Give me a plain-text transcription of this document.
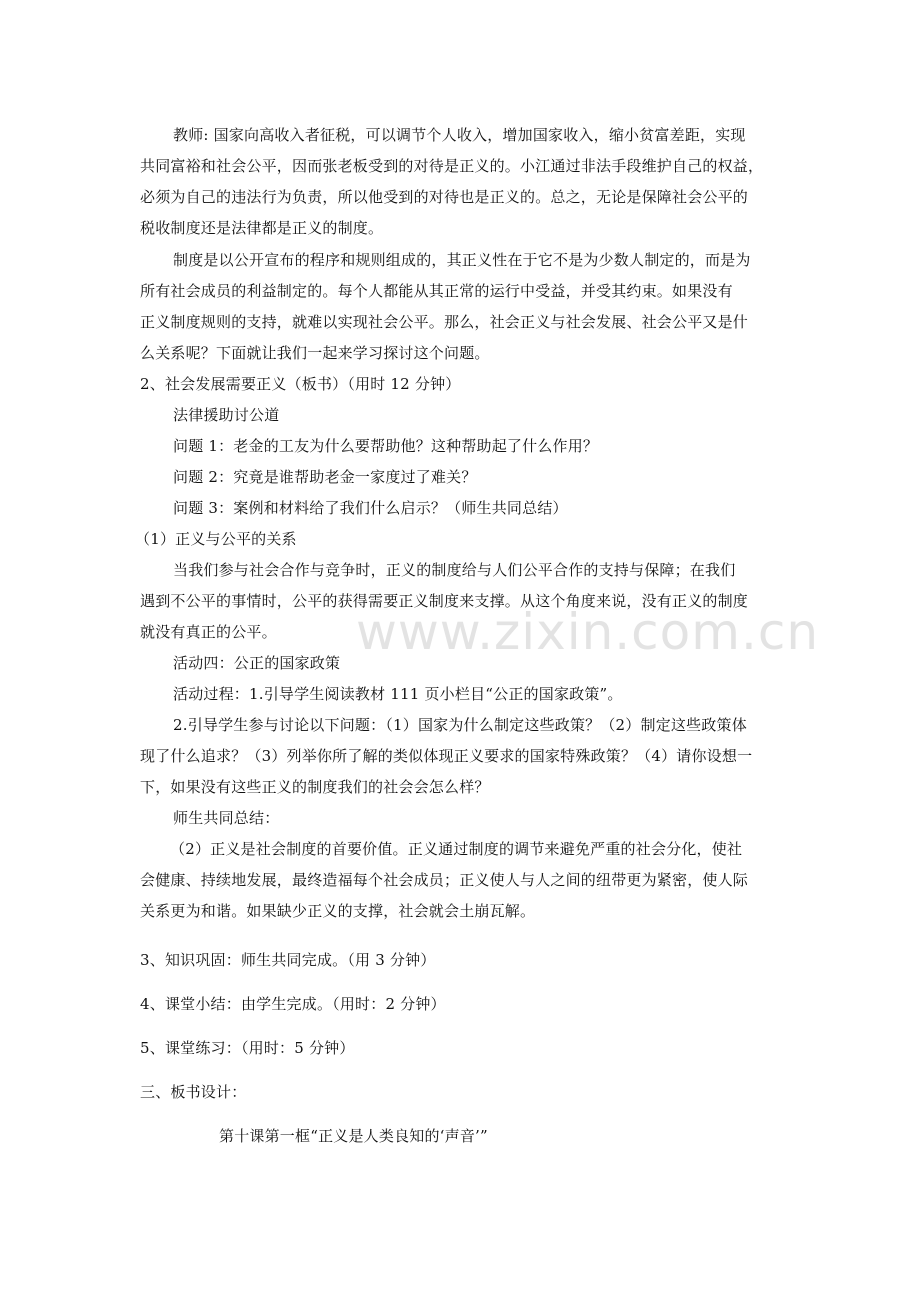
www.zixin.com.cn
教师: 国家向高收入者征税，可以调节个人收入，增加国家收入，缩小贫富差距，实现
共同富裕和社会公平，因而张老板受到的对待是正义的。小江通过非法手段维护自己的权益，
必须为自己的违法行为负责，所以他受到的对待也是正义的。总之，无论是保障社会公平的
税收制度还是法律都是正义的制度。
制度是以公开宣布的程序和规则组成的，其正义性在于它不是为少数人制定的，而是为
所有社会成员的利益制定的。每个人都能从其正常的运行中受益，并受其约束。如果没有
正义制度规则的支持，就难以实现社会公平。那么，社会正义与社会发展、社会公平又是什
么关系呢？下面就让我们一起来学习探讨这个问题。
2、社会发展需要正义（板书）（用时 12 分钟）
法律援助讨公道
问题 1：老金的工友为什么要帮助他？这种帮助起了什么作用？
问题 2：究竟是谁帮助老金一家度过了难关？
问题 3：案例和材料给了我们什么启示？（师生共同总结）
（1）正义与公平的关系
当我们参与社会合作与竞争时，正义的制度给与人们公平合作的支持与保障；在我们
遇到不公平的事情时，公平的获得需要正义制度来支撑。从这个角度来说，没有正义的制度
就没有真正的公平。
活动四：公正的国家政策
活动过程：1.引导学生阅读教材 111 页小栏目“公正的国家政策”。
2.引导学生参与讨论以下问题：（1）国家为什么制定这些政策？（2）制定这些政策体
现了什么追求？（3）列举你所了解的类似体现正义要求的国家特殊政策？（4）请你设想一
下，如果没有这些正义的制度我们的社会会怎么样？
师生共同总结：
（2）正义是社会制度的首要价值。正义通过制度的调节来避免严重的社会分化，使社
会健康、持续地发展，最终造福每个社会成员；正义使人与人之间的纽带更为紧密，使人际
关系更为和谐。如果缺少正义的支撑，社会就会土崩瓦解。
3、知识巩固：师生共同完成。（用 3 分钟）
4、课堂小结：由学生完成。（用时：2 分钟）
5、课堂练习：（用时：5 分钟）
三、板书设计：
第十课第一框“正义是人类良知的‘声音’”
